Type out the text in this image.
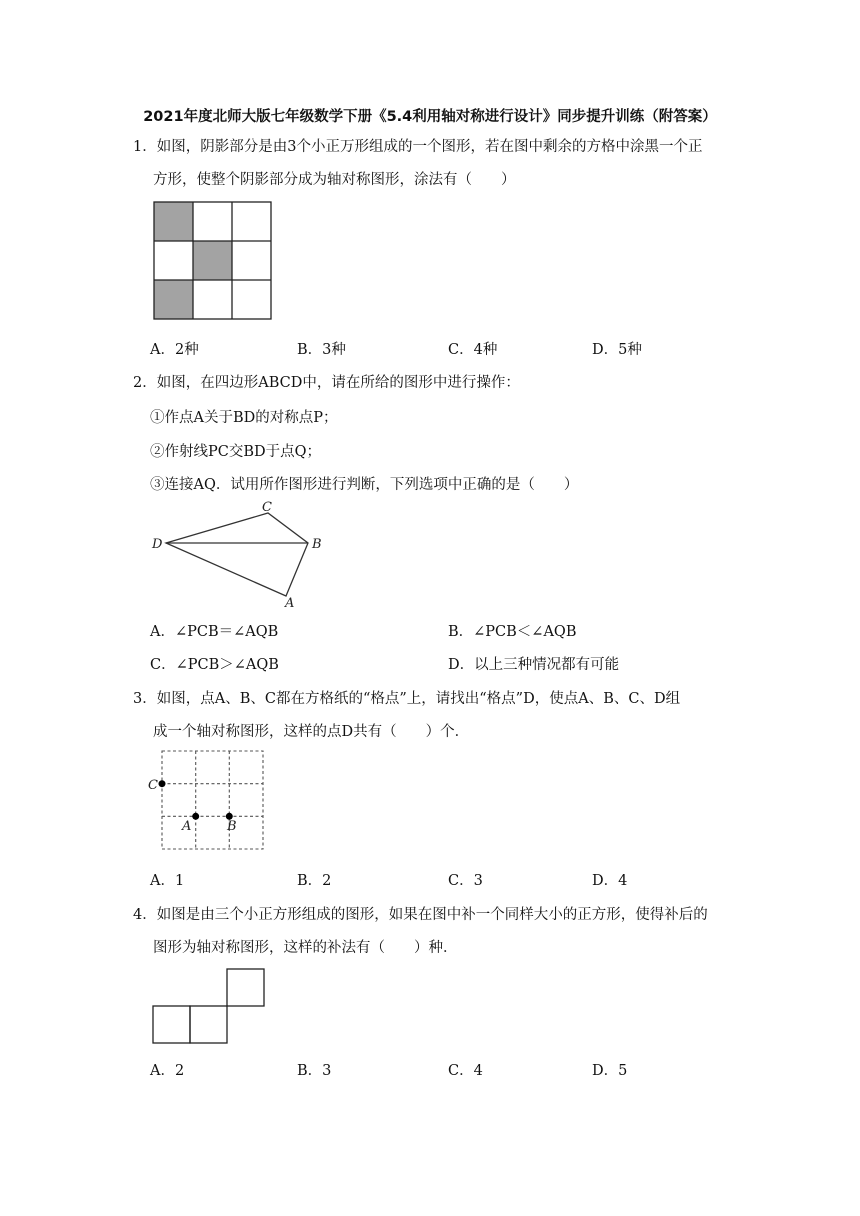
2021年度北师大版七年级数学下册《5.4利用轴对称进行设计》同步提升训练（附答案）
1．如图，阴影部分是由3个小正万形组成的一个图形，若在图中剩余的方格中涂黑一个正
方形，使整个阴影部分成为轴对称图形，涂法有（　　）
A．2种	B．3种	C．4种	D．5种
2．如图，在四边形ABCD中，请在所给的图形中进行操作：
①作点A关于BD的对称点P；
②作射线PC交BD于点Q；
③连接AQ．试用所作图形进行判断，下列选项中正确的是（　　）
D
C
B
A
A．∠PCB＝∠AQB	B．∠PCB＜∠AQB
C．∠PCB＞∠AQB	D．以上三种情况都有可能
3．如图，点A、B、C都在方格纸的“格点”上，请找出“格点”D，使点A、B、C、D组
成一个轴对称图形，这样的点D共有（　　）个．
C
A	B
A．1	B．2	C．3	D．4
4．如图是由三个小正方形组成的图形，如果在图中补一个同样大小的正方形，使得补后的
图形为轴对称图形，这样的补法有（　　）种．
A．2	B．3	C．4	D．5
